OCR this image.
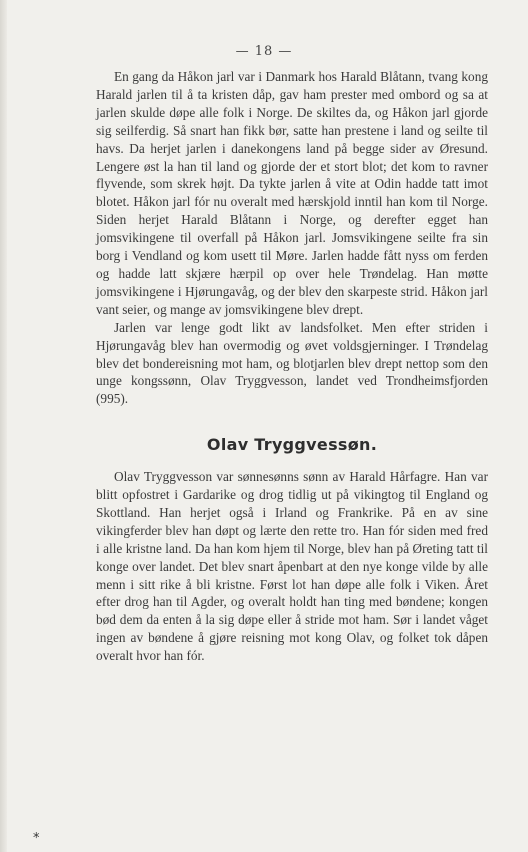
— 18 —

En gang da Håkon jarl var i Danmark hos Harald Blåtann, tvang kong Harald jarlen til å ta kristen dåp, gav ham prester med ombord og sa at jarlen skulde døpe alle folk i Norge. De skiltes da, og Håkon jarl gjorde sig seilferdig. Så snart han fikk bør, satte han prestene i land og seilte til havs. Da herjet jarlen i danekongens land på begge sider av Øresund. Lengere øst la han til land og gjorde der et stort blot; det kom to ravner flyvende, som skrek højt. Da tykte jarlen å vite at Odin hadde tatt imot blotet. Håkon jarl fór nu overalt med hærskjold inntil han kom til Norge. Siden herjet Harald Blåtann i Norge, og derefter egget han jomsvikingene til overfall på Håkon jarl. Jomsvikingene seilte fra sin borg i Vendland og kom usett til Møre. Jarlen hadde fått nyss om ferden og hadde latt skjære hærpil op over hele Trøndelag. Han møtte jomsvikingene i Hjørungavåg, og der blev den skarpeste strid. Håkon jarl vant seier, og mange av jomsvikingene blev drept.

Jarlen var lenge godt likt av landsfolket. Men efter striden i Hjørungavåg blev han overmodig og øvet voldsgjerninger. I Trøndelag blev det bondereisning mot ham, og blotjarlen blev drept nettop som den unge kongssønn, Olav Tryggvesson, landet ved Trondheimsfjorden (995).

Olav Tryggvessøn.

Olav Tryggvesson var sønnesønns sønn av Harald Hårfagre. Han var blitt opfostret i Gardarike og drog tidlig ut på vikingtog til England og Skottland. Han herjet også i Irland og Frankrike. På en av sine vikingferder blev han døpt og lærte den rette tro. Han fór siden med fred i alle kristne land. Da han kom hjem til Norge, blev han på Øreting tatt til konge over landet. Det blev snart åpenbart at den nye konge vilde by alle menn i sitt rike å bli kristne. Først lot han døpe alle folk i Viken. Året efter drog han til Agder, og overalt holdt han ting med bøndene; kongen bød dem da enten å la sig døpe eller å stride mot ham. Sør i landet våget ingen av bøndene å gjøre reisning mot kong Olav, og folket tok dåpen overalt hvor han fór.

*
